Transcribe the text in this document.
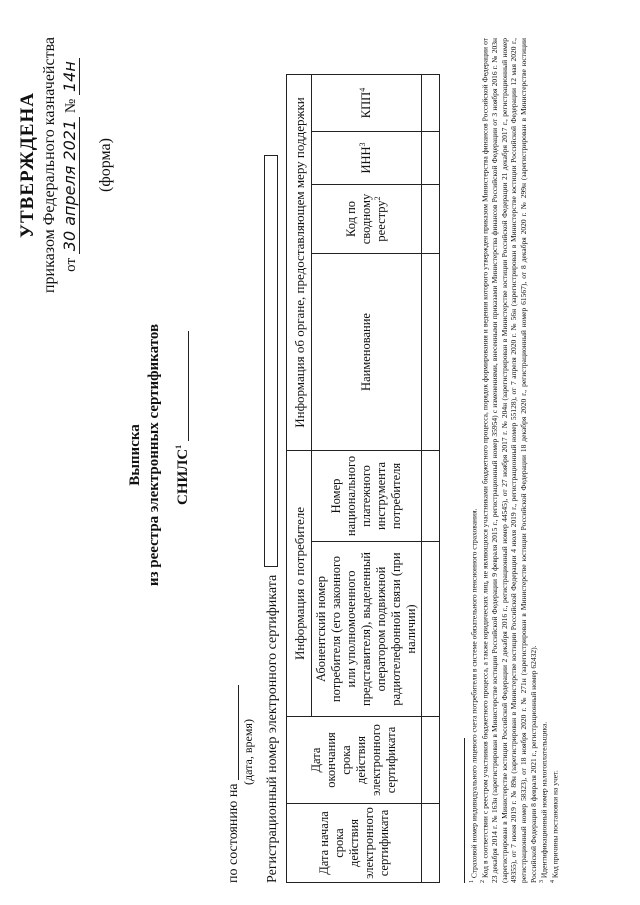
УТВЕРЖДЕНА приказом Федерального казначейства от 30 апреля 2021 № 14н
(форма)
Выписка из реестра электронных сертификатов СНИЛС$^1$
по состоянию на
(дата, время) Регистрационный номер электронного сертификата	Дата начала срока действия электронного сертификата	Дата окончания срока действия электронного сертификата	Информация о потребителе		Информация об органе, предоставляющем меру поддержки			
		Абонентский номер потребителя (его законного или уполномоченного представителя), выделенный оператором подвижной радиотелефонной связи (при наличии)	Номер национального платежного инструмента потребителя	Наименование	Код по сводному реестру$^2$	ИНН$^3$	КПП$^4$

$^1$ Страховой номер индивидуального лицевого счета потребителя в системе обязательного пенсионного страхования.

$^2$ Код в соответствии с реестром участников бюджетного процесса, а также юридических лиц, не являющихся участниками бюджетного процесса, порядок формирования и ведения которого утвержден приказом Министерства финансов Российской Федерации от 23 декабря 2014 г. № 163н (зарегистрирован в Министерстве юстиции Российской Федерации 9 февраля 2015 г., регистрационный номер 35954) с изменениями, внесенными приказами Министерства финансов Российской Федерации от 3 ноября 2016 г. № 203н (зарегистрирован в Министерстве юстиции Российской Федерации 2 декабря 2016 г., регистрационный номер 44545), от 27 ноября 2017 г. № 204н (зарегистрирован в Министерстве юстиции Российской Федерации 21 декабря 2017 г., регистрационный номер 49355), от 7 июня 2019 г. № 89н (зарегистрирован в Министерстве юстиции Российской Федерации 4 июля 2019 г., регистрационный номер 55128), от 7 апреля 2020 г. № 56н (зарегистрирован в Министерстве юстиции Российской Федерации 12 мая 2020 г., регистрационный номер 58323), от 18 ноября 2020 г. № 271н (зарегистрирован в Министерстве юстиции Российской Федерации 18 декабря 2020 г., регистрационный номер 61567), от 8 декабря 2020 г. № 299н (зарегистрирован в Министерстве юстиции Российской Федерации 8 февраля 2021 г., регистрационный номер 62432). $^3$ Идентификационный номер налогоплательщика.

$^4$ Код причины постановки на учет.
